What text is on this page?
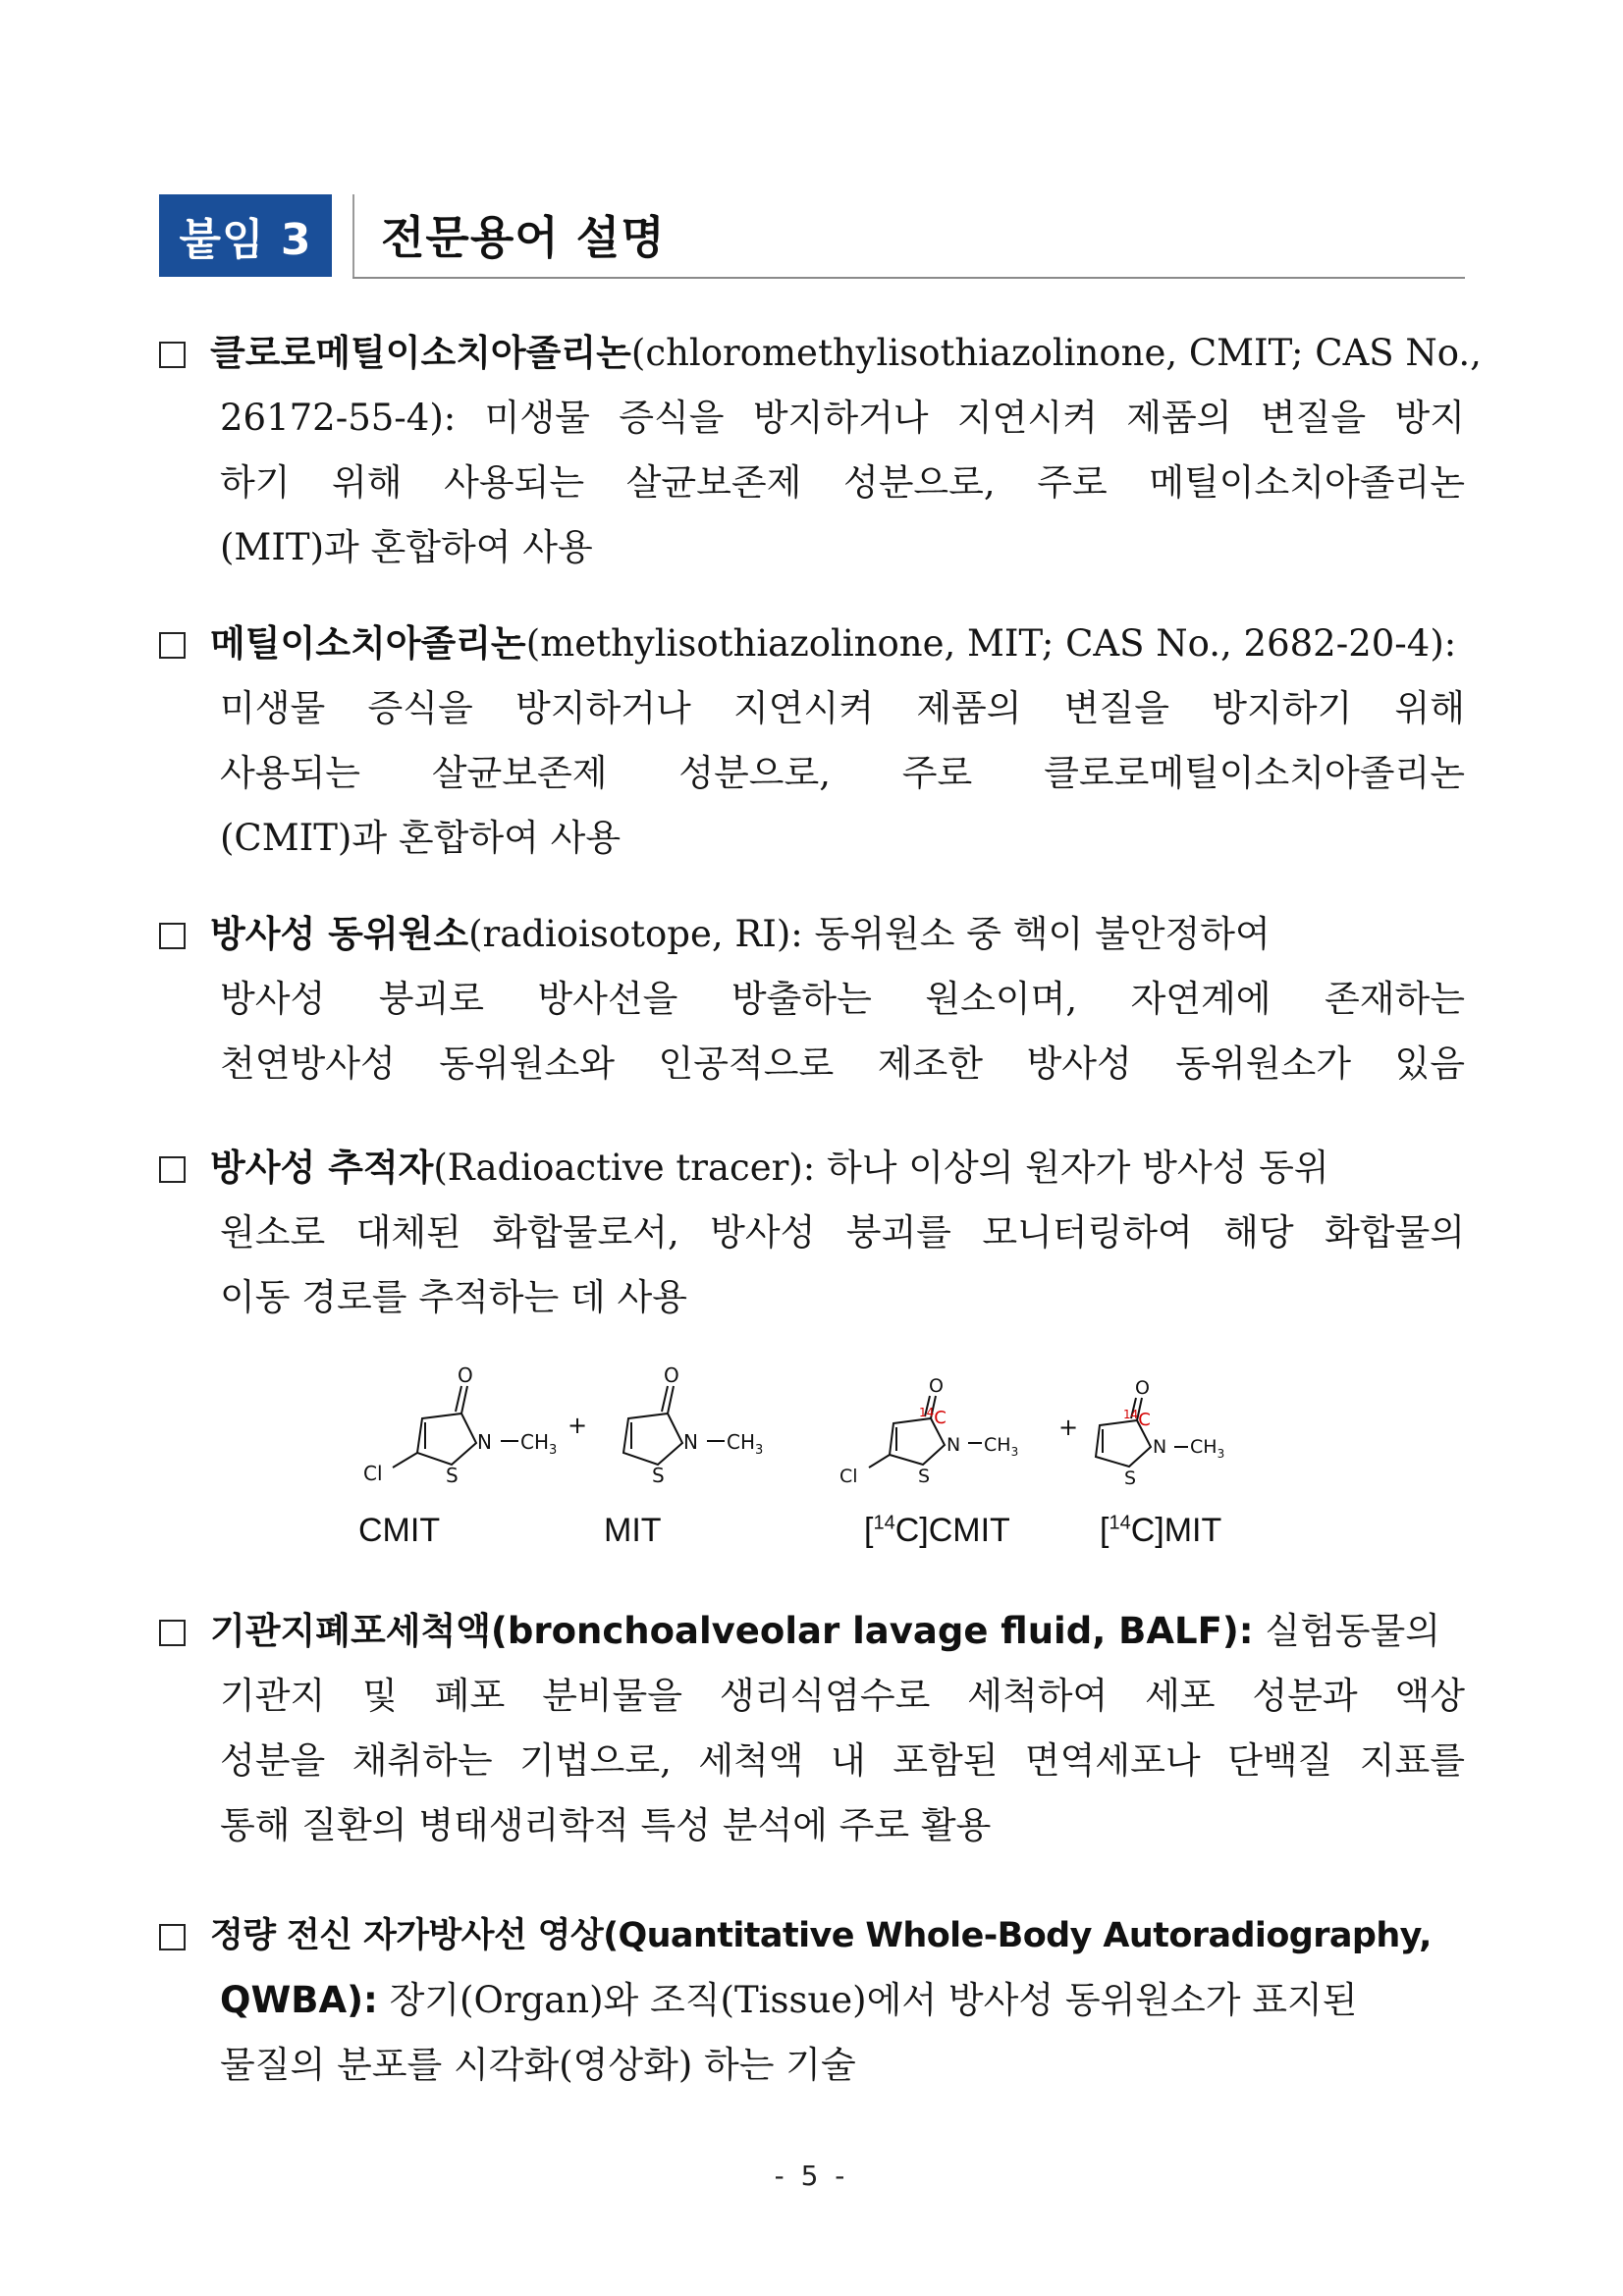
붙임 3	전문용어 설명
클로로메틸이소치아졸리논(chloromethylisothiazolinone, CMIT; CAS No.,
26172-55-4): 미생물 증식을 방지하거나 지연시켜 제품의 변질을 방지
하기 위해 사용되는 살균보존제 성분으로, 주로 메틸이소치아졸리논
(MIT)과 혼합하여 사용
메틸이소치아졸리논(methylisothiazolinone, MIT; CAS No., 2682-20-4):
미생물 증식을 방지하거나 지연시켜 제품의 변질을 방지하기 위해
사용되는 살균보존제 성분으로, 주로 클로로메틸이소치아졸리논
(CMIT)과 혼합하여 사용
방사성 동위원소(radioisotope, RI): 동위원소 중 핵이 불안정하여
방사성 붕괴로 방사선을 방출하는 원소이며, 자연계에 존재하는
천연방사성 동위원소와 인공적으로 제조한 방사성 동위원소가 있음
방사성 추적자(Radioactive tracer): 하나 이상의 원자가 방사성 동위
원소로 대체된 화합물로서, 방사성 붕괴를 모니터링하여 해당 화합물의
이동 경로를 추적하는 데 사용
O
N
S
Cl
$CH_3$
+
O
N
S
$CH_3$
O
$^{14}$C
N
S
Cl
$CH_3$
+
O
$^{14}$C
N
S
$CH_3$
CMIT	MIT	[$^{14}$C]CMIT	[$^{14}$C]MIT
기관지폐포세척액(bronchoalveolar lavage fluid, BALF): 실험동물의
기관지 및 폐포 분비물을 생리식염수로 세척하여 세포 성분과 액상
성분을 채취하는 기법으로, 세척액 내 포함된 면역세포나 단백질 지표를
통해 질환의 병태생리학적 특성 분석에 주로 활용
정량 전신 자가방사선 영상(Quantitative Whole-Body Autoradiography,
QWBA): 장기(Organ)와 조직(Tissue)에서 방사성 동위원소가 표지된
물질의 분포를 시각화(영상화) 하는 기술
- 5 -
